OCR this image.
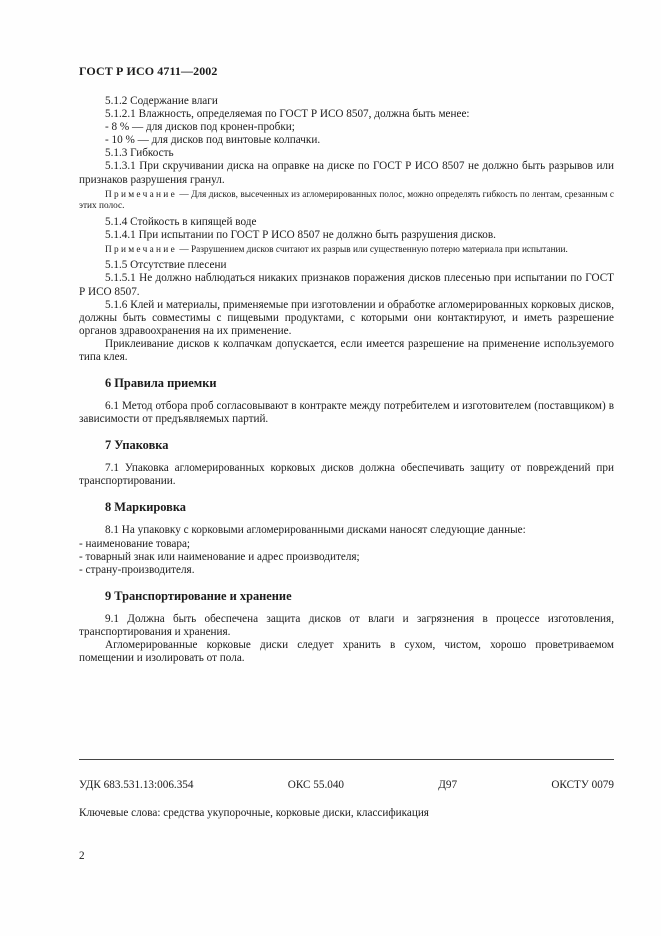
ГОСТ Р ИСО 4711—2002

5.1.2 Содержание влаги

5.1.2.1 Влажность, определяемая по ГОСТ Р ИСО 8507, должна быть менее:

- 8 % — для дисков под кронен-пробки;

- 10 % — для дисков под винтовые колпачки.

5.1.3 Гибкость

5.1.3.1 При скручивании диска на оправке на диске по ГОСТ Р ИСО 8507 не должно быть разрывов или признаков разрушения гранул.

Примечание — Для дисков, высеченных из агломерированных полос, можно определять гибкость по лентам, срезанным с этих полос.

5.1.4 Стойкость в кипящей воде

5.1.4.1 При испытании по ГОСТ Р ИСО 8507 не должно быть разрушения дисков.

Примечание — Разрушением дисков считают их разрыв или существенную потерю материала при испытании.

5.1.5 Отсутствие плесени

5.1.5.1 Не должно наблюдаться никаких признаков поражения дисков плесенью при испытании по ГОСТ Р ИСО 8507.

5.1.6 Клей и материалы, применяемые при изготовлении и обработке агломерированных корковых дисков, должны быть совместимы с пищевыми продуктами, с которыми они контактируют, и иметь разрешение органов здравоохранения на их применение.

Приклеивание дисков к колпачкам допускается, если имеется разрешение на применение используемого типа клея.

6 Правила приемки

6.1 Метод отбора проб согласовывают в контракте между потребителем и изготовителем (поставщиком) в зависимости от предъявляемых партий.

7 Упаковка

7.1 Упаковка агломерированных корковых дисков должна обеспечивать защиту от повреждений при транспортировании.

8 Маркировка

8.1 На упаковку с корковыми агломерированными дисками наносят следующие данные:

- наименование товара;

- товарный знак или наименование и адрес производителя;

- страну-производителя.

9 Транспортирование и хранение

9.1 Должна быть обеспечена защита дисков от влаги и загрязнения в процессе изготовления, транспортирования и хранения.

Агломерированные корковые диски следует хранить в сухом, чистом, хорошо проветриваемом помещении и изолировать от пола.

УДК 683.531.13:006.354	ОКС 55.040	Д97	ОКСТУ 0079
Ключевые слова: средства укупорочные, корковые диски, классификация
2
